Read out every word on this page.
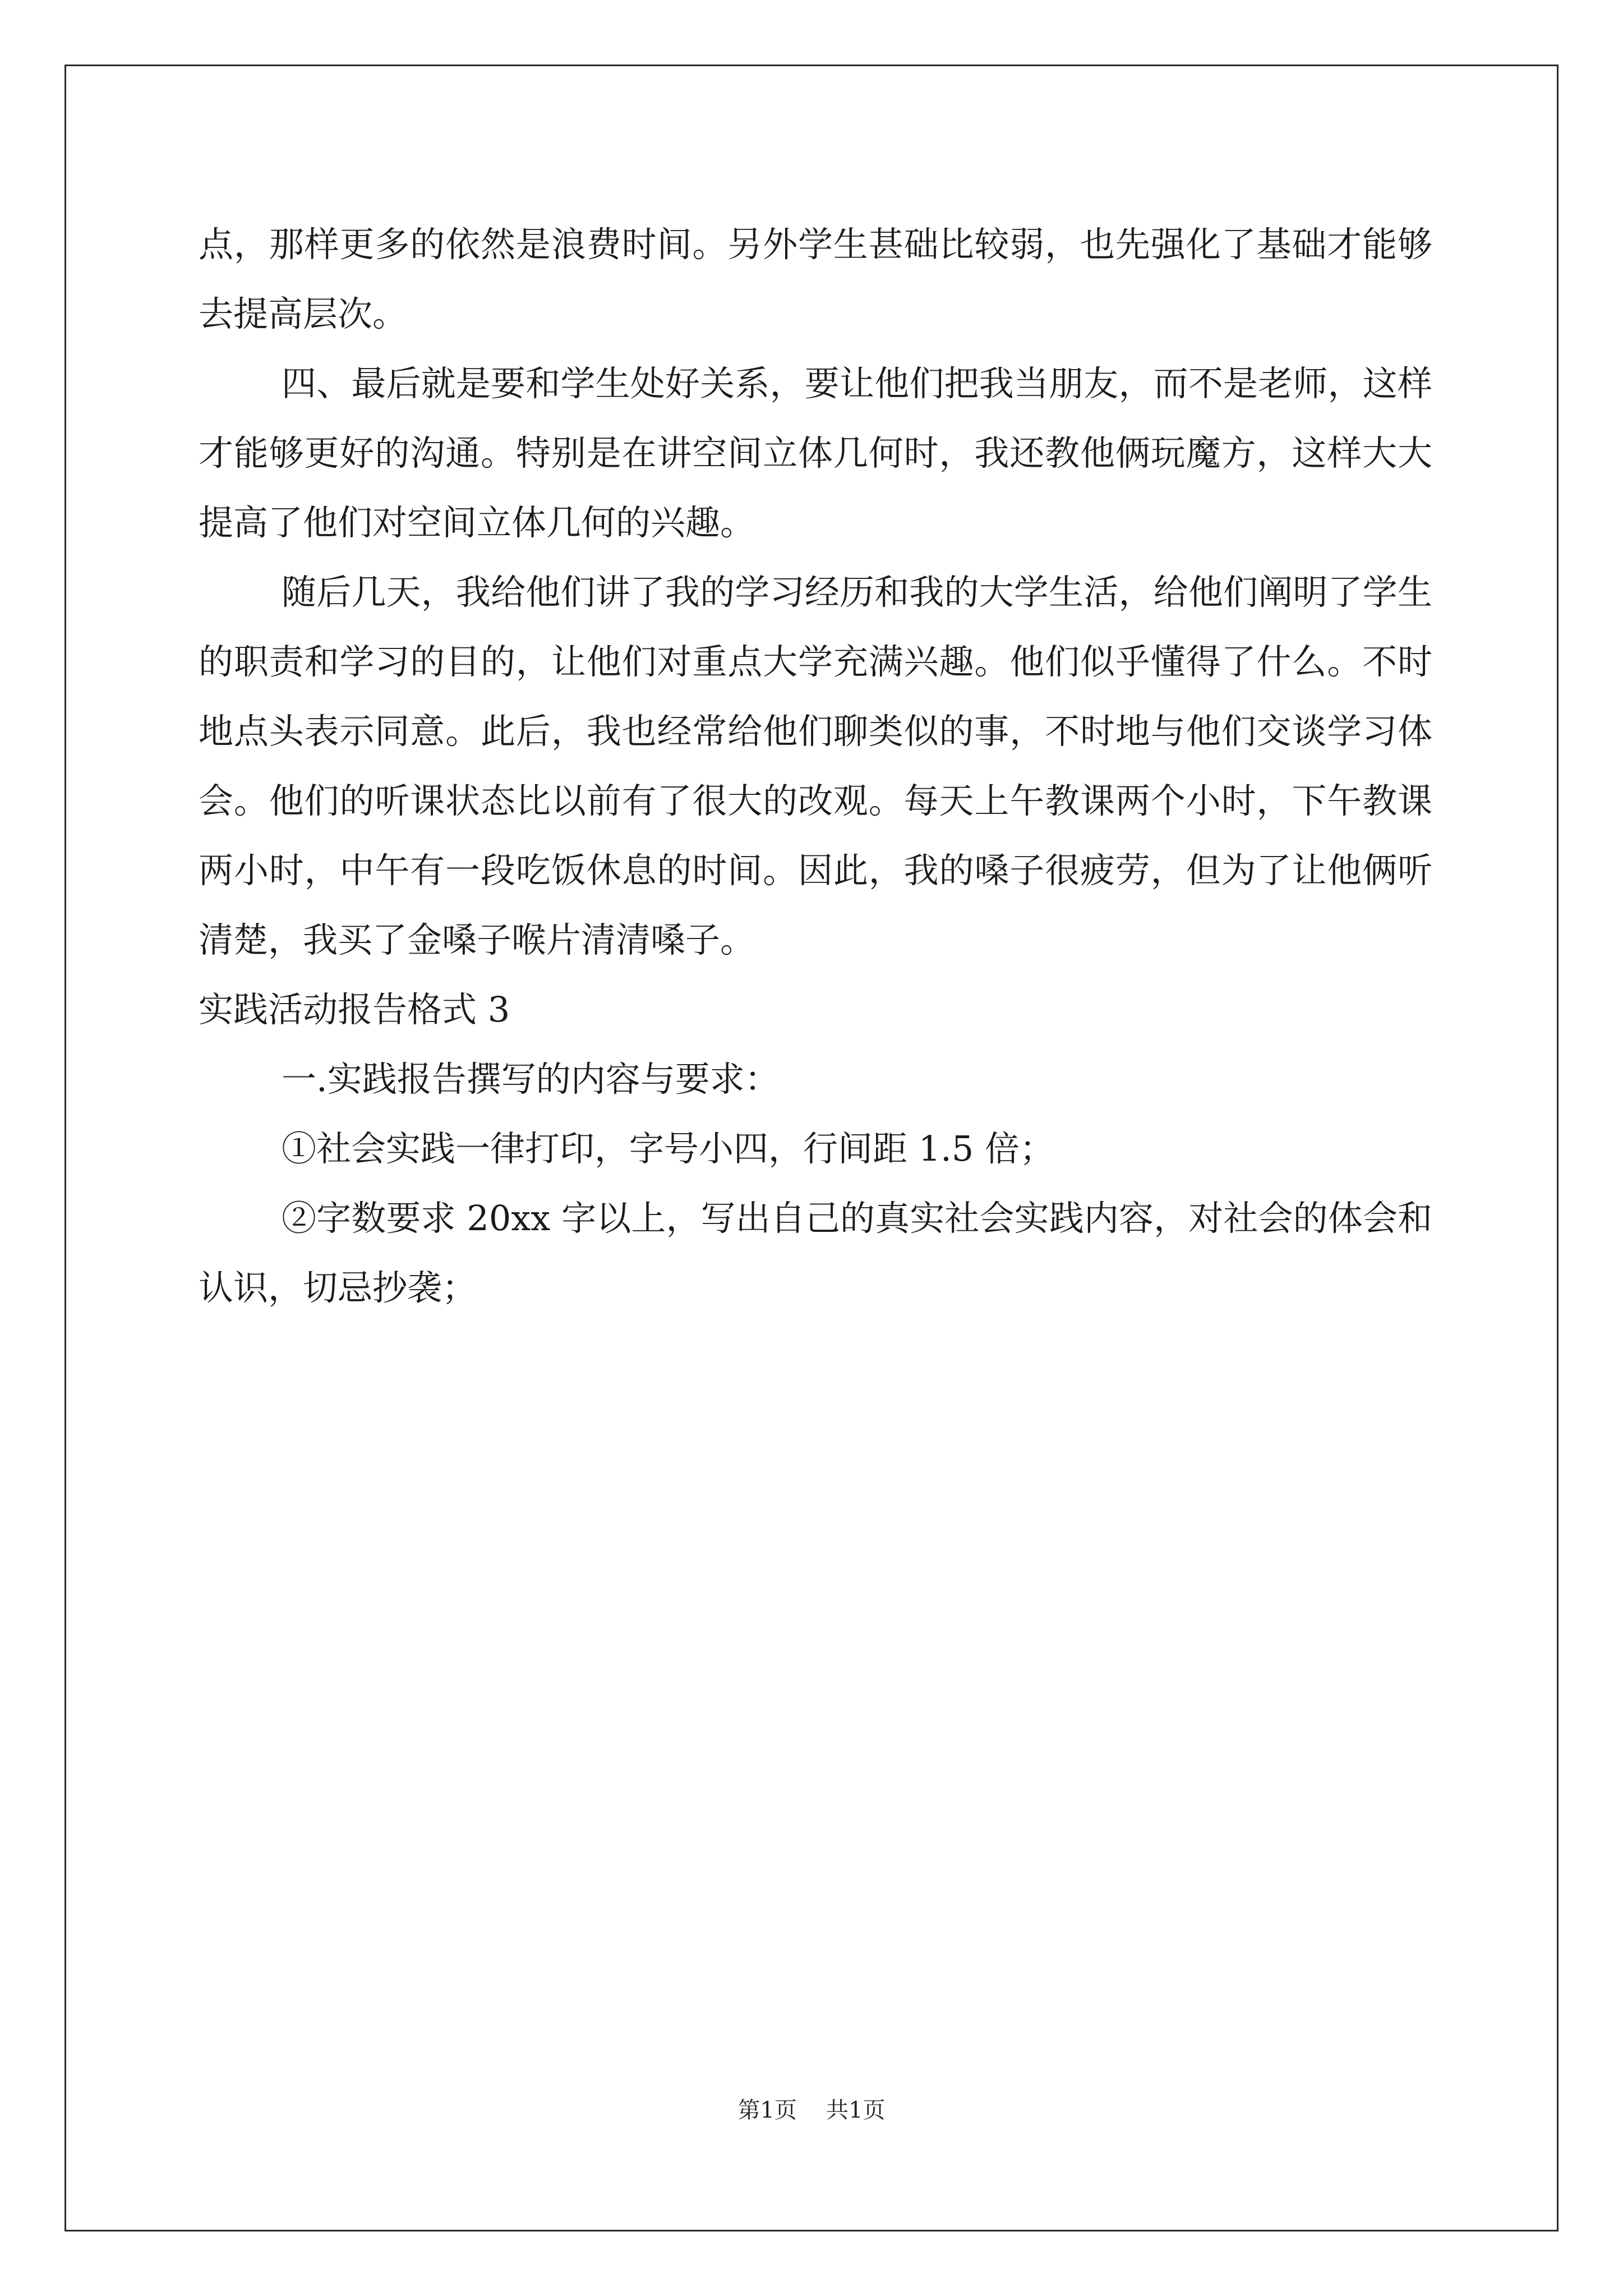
点，那样更多的依然是浪费时间。另外学生甚础比较弱，也先强化了基础才能够去提高层次。

四、最后就是要和学生处好关系，要让他们把我当朋友，而不是老师，这样才能够更好的沟通。特别是在讲空间立体几何时，我还教他俩玩魔方，这样大大提高了他们对空间立体几何的兴趣。

随后几天，我给他们讲了我的学习经历和我的大学生活，给他们阐明了学生的职责和学习的目的，让他们对重点大学充满兴趣。他们似乎懂得了什么。不时地点头表示同意。此后，我也经常给他们聊类似的事，不时地与他们交谈学习体会。他们的听课状态比以前有了很大的改观。每天上午教课两个小时，下午教课两小时，中午有一段吃饭休息的时间。因此，我的嗓子很疲劳，但为了让他俩听清楚，我买了金嗓子喉片清清嗓子。

实践活动报告格式 3

一.实践报告撰写的内容与要求：

①社会实践一律打印，字号小四，行间距 1.5 倍；

②字数要求 20xx 字以上，写出自己的真实社会实践内容，对社会的体会和认识，切忌抄袭；

第1页 共1页
